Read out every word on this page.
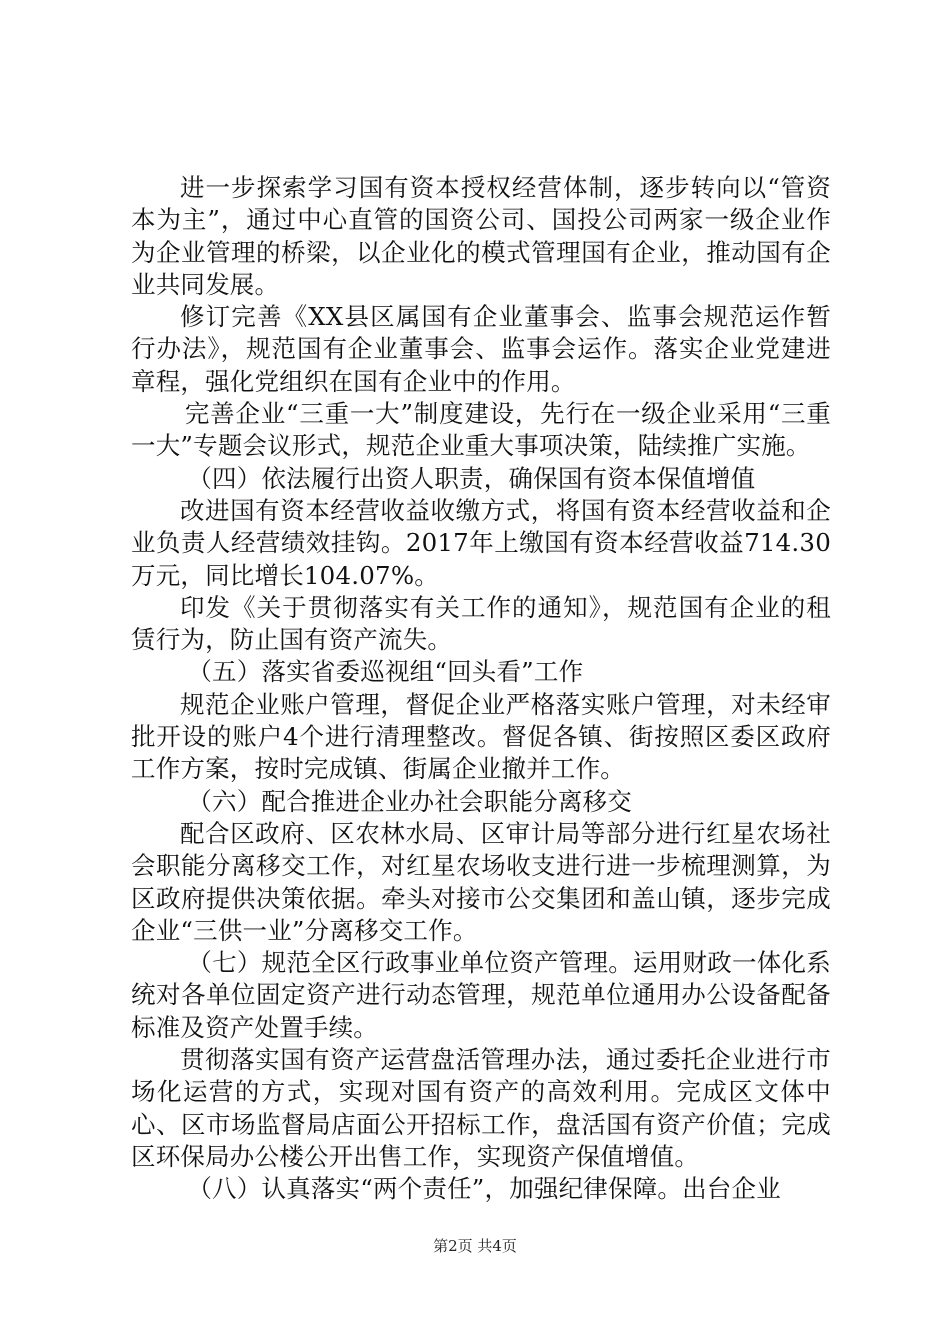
进一步探索学习国有资本授权经营体制，逐步转向以“管资本为主”，通过中心直管的国资公司、国投公司两家一级企业作为企业管理的桥梁，以企业化的模式管理国有企业，推动国有企业共同发展。

修订完善《XX县区属国有企业董事会、监事会规范运作暂行办法》，规范国有企业董事会、监事会运作。落实企业党建进章程，强化党组织在国有企业中的作用。

完善企业“三重一大”制度建设，先行在一级企业采用“三重一大”专题会议形式，规范企业重大事项决策，陆续推广实施。

（四）依法履行出资人职责，确保国有资本保值增值

改进国有资本经营收益收缴方式，将国有资本经营收益和企业负责人经营绩效挂钩。2017年上缴国有资本经营收益714.30万元，同比增长104.07%。

印发《关于贯彻落实有关工作的通知》，规范国有企业的租赁行为，防止国有资产流失。

（五）落实省委巡视组“回头看”工作

规范企业账户管理，督促企业严格落实账户管理，对未经审批开设的账户4个进行清理整改。督促各镇、街按照区委区政府工作方案，按时完成镇、街属企业撤并工作。

（六）配合推进企业办社会职能分离移交

配合区政府、区农林水局、区审计局等部分进行红星农场社会职能分离移交工作，对红星农场收支进行进一步梳理测算，为区政府提供决策依据。牵头对接市公交集团和盖山镇，逐步完成企业“三供一业”分离移交工作。

（七）规范全区行政事业单位资产管理。运用财政一体化系统对各单位固定资产进行动态管理，规范单位通用办公设备配备标准及资产处置手续。

贯彻落实国有资产运营盘活管理办法，通过委托企业进行市场化运营的方式，实现对国有资产的高效利用。完成区文体中心、区市场监督局店面公开招标工作，盘活国有资产价值；完成区环保局办公楼公开出售工作，实现资产保值增值。

（八）认真落实“两个责任”，加强纪律保障。出台企业

第2页 共4页
